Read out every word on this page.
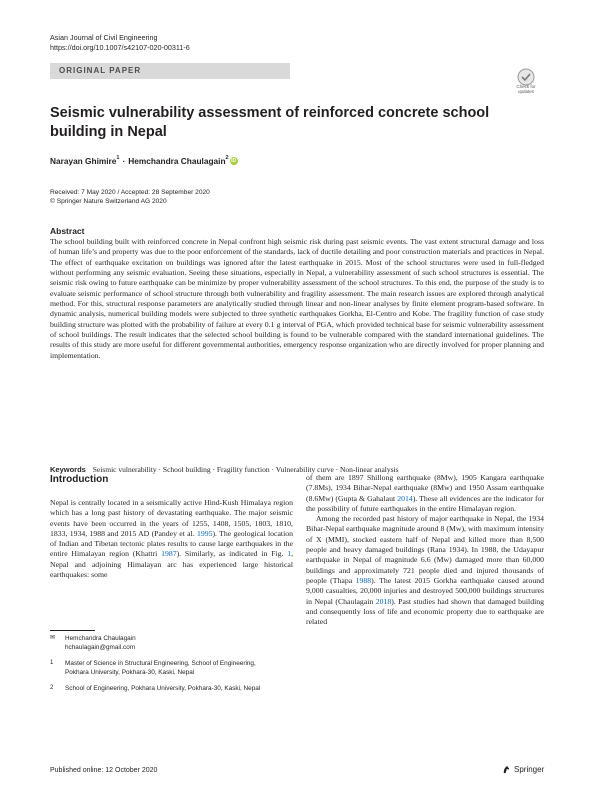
Asian Journal of Civil Engineering
https://doi.org/10.1007/s42107-020-00311-6
ORIGINAL PAPER
Check for updates
Seismic vulnerability assessment of reinforced concrete school building in Nepal
Narayan Ghimire$^1$ · Hemchandra Chaulagain$^2$ iD
Received: 7 May 2020 / Accepted: 28 September 2020
© Springer Nature Switzerland AG 2020
Abstract

The school building built with reinforced concrete in Nepal confront high seismic risk during past seismic events. The vast extent structural damage and loss of human life’s and property was due to the poor enforcement of the standards, lack of ductile detailing and poor construction materials and practices in Nepal. The effect of earthquake excitation on buildings was ignored after the latest earthquake in 2015. Most of the school structures were used in full-fledged without performing any seismic evaluation. Seeing these situations, especially in Nepal, a vulnerability assessment of such school structures is essential. The seismic risk owing to future earthquake can be minimize by proper vulnerability assessment of the school structures. To this end, the purpose of the study is to evaluate seismic performance of school structure through both vulnerability and fragility assessment. The main research issues are explored through analytical method. For this, structural response parameters are analytically studied through linear and non-linear analyses by finite element program-based software. In dynamic analysis, numerical building models were subjected to three synthetic earthquakes Gorkha, El-Centro and Kobe. The fragility function of case study building structure was plotted with the probability of failure at every 0.1 g interval of PGA, which provided technical base for seismic vulnerability assessment of school buildings. The result indicates that the selected school building is found to be vulnerable compared with the standard international guidelines. The results of this study are more useful for different governmental authorities, emergency response organization who are directly involved for proper planning and implementation.

Keywords Seismic vulnerability · School building · Fragility function · Vulnerability curve · Non-linear analysis
Introduction

Nepal is centrally located in a seismically active Hind-Kush Himalaya region which has a long past history of devastating earthquake. The major seismic events have been occurred in the years of 1255, 1408, 1505, 1803, 1810, 1833, 1934, 1988 and 2015 AD (Pandey et al. 1995). The geological location of Indian and Tibetan tectonic plates results to cause large earthquakes in the entire Himalayan region (Khattri 1987). Similarly, as indicated in Fig. 1, Nepal and adjoining Himalayan arc has experienced large historical earthquakes: some

of them are 1897 Shillong earthquake (8Mw), 1905 Kangara earthquake (7.8Ms), 1934 Bihar-Nepal earthquake (8Mw) and 1950 Assam earthquake (8.6Mw) (Gupta & Gahalaut 2014). These all evidences are the indicator for the possibility of future earthquakes in the entire Himalayan region.

Among the recorded past history of major earthquake in Nepal, the 1934 Bihar-Nepal earthquake magnitude around 8 (Mw), with maximum intensity of X (MMI), stocked eastern half of Nepal and killed more than 8,500 people and heavy damaged buildings (Rana 1934). In 1988, the Udayapur earthquake in Nepal of magnitude 6.6 (Mw) damaged more than 60,000 buildings and approximately 721 people died and injured thousands of people (Thapa 1988). The latest 2015 Gorkha earthquake caused around 9,000 casualties, 20,000 injuries and destroyed 500,000 buildings structures in Nepal (Chaulagain 2018). Past studies had shown that damaged building and consequently loss of life and economic property due to earthquake are related

✉	Hemchandra Chaulagain
hchaulagain@gmail.com
1	Master of Science in Structural Engineering, School of Engineering, Pokhara University, Pokhara-30, Kaski, Nepal
2	School of Engineering, Pokhara University, Pokhara-30, Kaski, Nepal
Published online: 12 October 2020	Springer
